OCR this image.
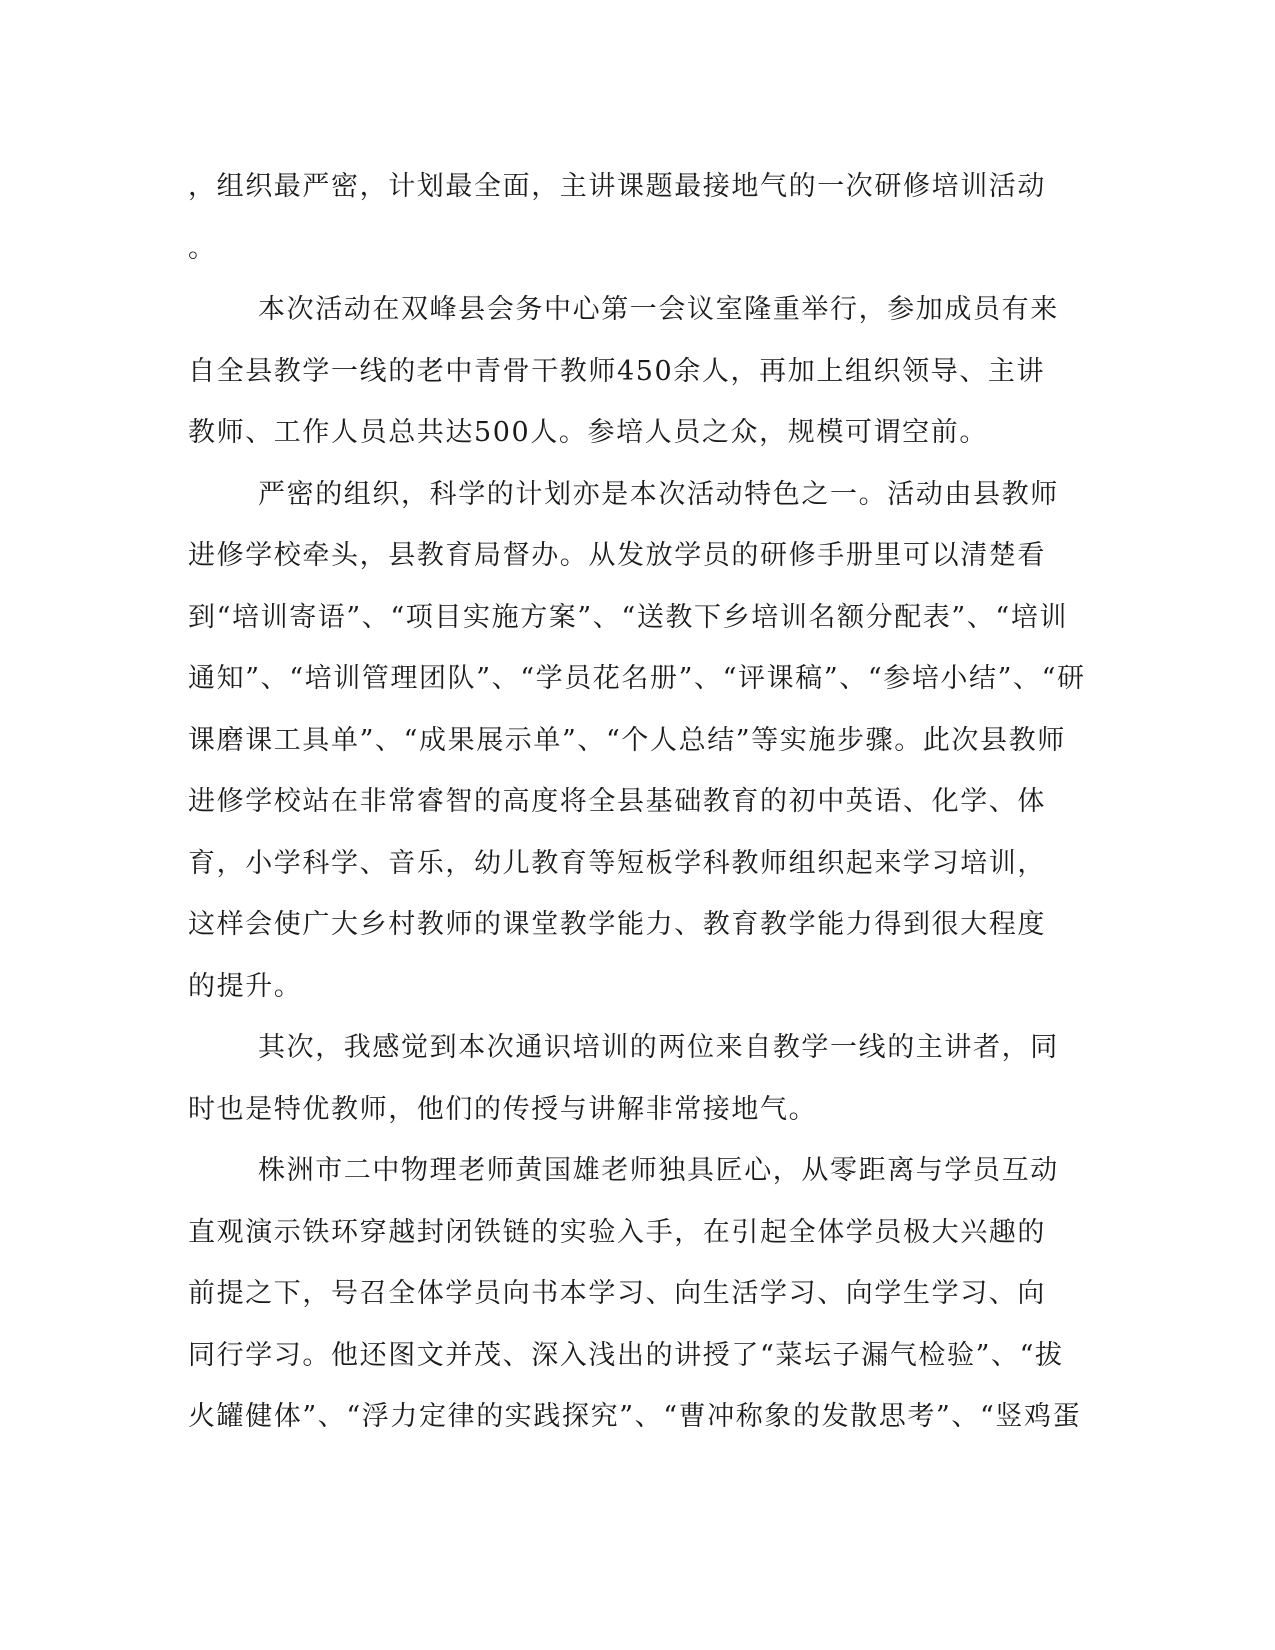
，组织最严密，计划最全面，主讲课题最接地气的一次研修培训活动
。
本次活动在双峰县会务中心第一会议室隆重举行，参加成员有来
自全县教学一线的老中青骨干教师450余人，再加上组织领导、主讲
教师、工作人员总共达500人。参培人员之众，规模可谓空前。
严密的组织，科学的计划亦是本次活动特色之一。活动由县教师
进修学校牵头，县教育局督办。从发放学员的研修手册里可以清楚看
到“培训寄语”、“项目实施方案”、“送教下乡培训名额分配表”、“培训
通知”、“培训管理团队”、“学员花名册”、“评课稿”、“参培小结”、“研
课磨课工具单”、“成果展示单”、“个人总结”等实施步骤。此次县教师
进修学校站在非常睿智的高度将全县基础教育的初中英语、化学、体
育，小学科学、音乐，幼儿教育等短板学科教师组织起来学习培训，
这样会使广大乡村教师的课堂教学能力、教育教学能力得到很大程度
的提升。
其次，我感觉到本次通识培训的两位来自教学一线的主讲者，同
时也是特优教师，他们的传授与讲解非常接地气。
株洲市二中物理老师黄国雄老师独具匠心，从零距离与学员互动
直观演示铁环穿越封闭铁链的实验入手，在引起全体学员极大兴趣的
前提之下，号召全体学员向书本学习、向生活学习、向学生学习、向
同行学习。他还图文并茂、深入浅出的讲授了“菜坛子漏气检验”、“拔
火罐健体”、“浮力定律的实践探究”、“曹冲称象的发散思考”、“竖鸡蛋
